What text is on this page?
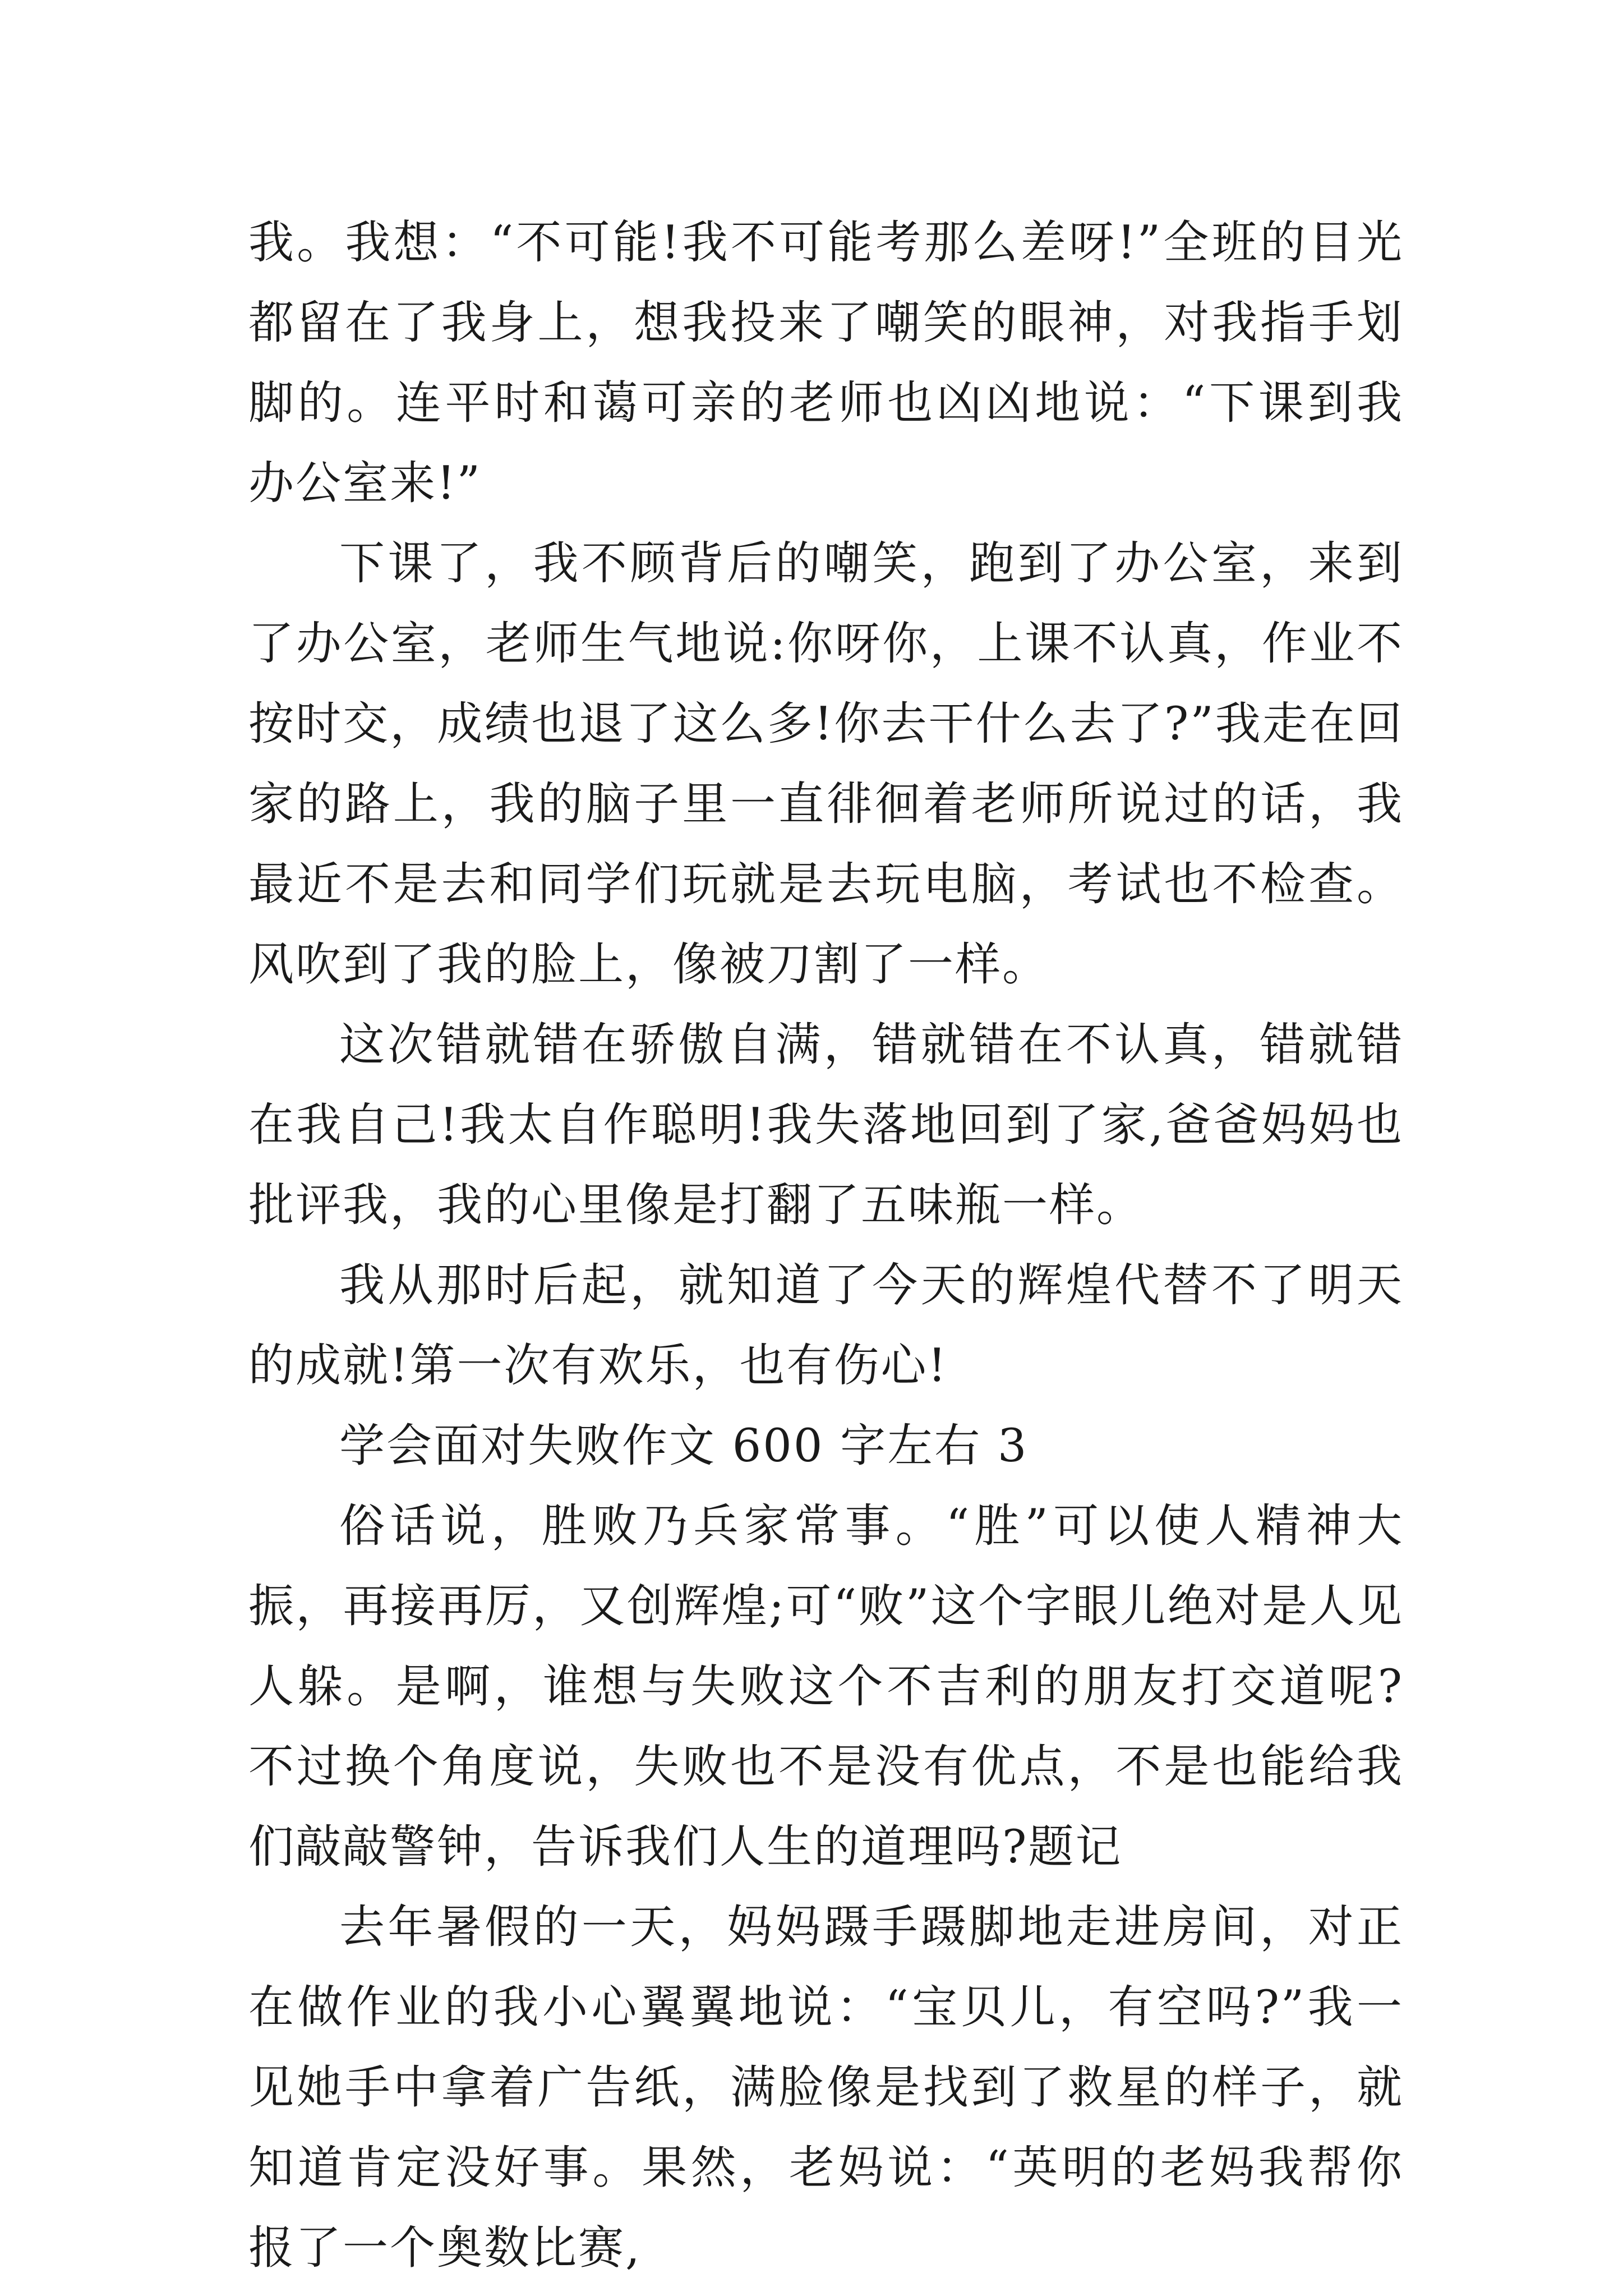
我。我想：“不可能!我不可能考那么差呀!”全班的目光都留在了我身上，想我投来了嘲笑的眼神，对我指手划脚的。连平时和蔼可亲的老师也凶凶地说：“下课到我办公室来!”

下课了，我不顾背后的嘲笑，跑到了办公室，来到了办公室，老师生气地说:你呀你，上课不认真，作业不按时交，成绩也退了这么多!你去干什么去了?”我走在回家的路上，我的脑子里一直徘徊着老师所说过的话，我最近不是去和同学们玩就是去玩电脑，考试也不检查。风吹到了我的脸上，像被刀割了一样。

这次错就错在骄傲自满，错就错在不认真，错就错在我自己!我太自作聪明!我失落地回到了家,爸爸妈妈也批评我，我的心里像是打翻了五味瓶一样。

我从那时后起，就知道了今天的辉煌代替不了明天的成就!第一次有欢乐，也有伤心!

学会面对失败作文 600 字左右 3

俗话说，胜败乃兵家常事。“胜”可以使人精神大振，再接再厉，又创辉煌;可“败”这个字眼儿绝对是人见人躲。是啊，谁想与失败这个不吉利的朋友打交道呢?不过换个角度说，失败也不是没有优点，不是也能给我们敲敲警钟，告诉我们人生的道理吗?题记

去年暑假的一天，妈妈蹑手蹑脚地走进房间，对正在做作业的我小心翼翼地说：“宝贝儿，有空吗?”我一见她手中拿着广告纸，满脸像是找到了救星的样子，就知道肯定没好事。果然，老妈说：“英明的老妈我帮你报了一个奥数比赛,
